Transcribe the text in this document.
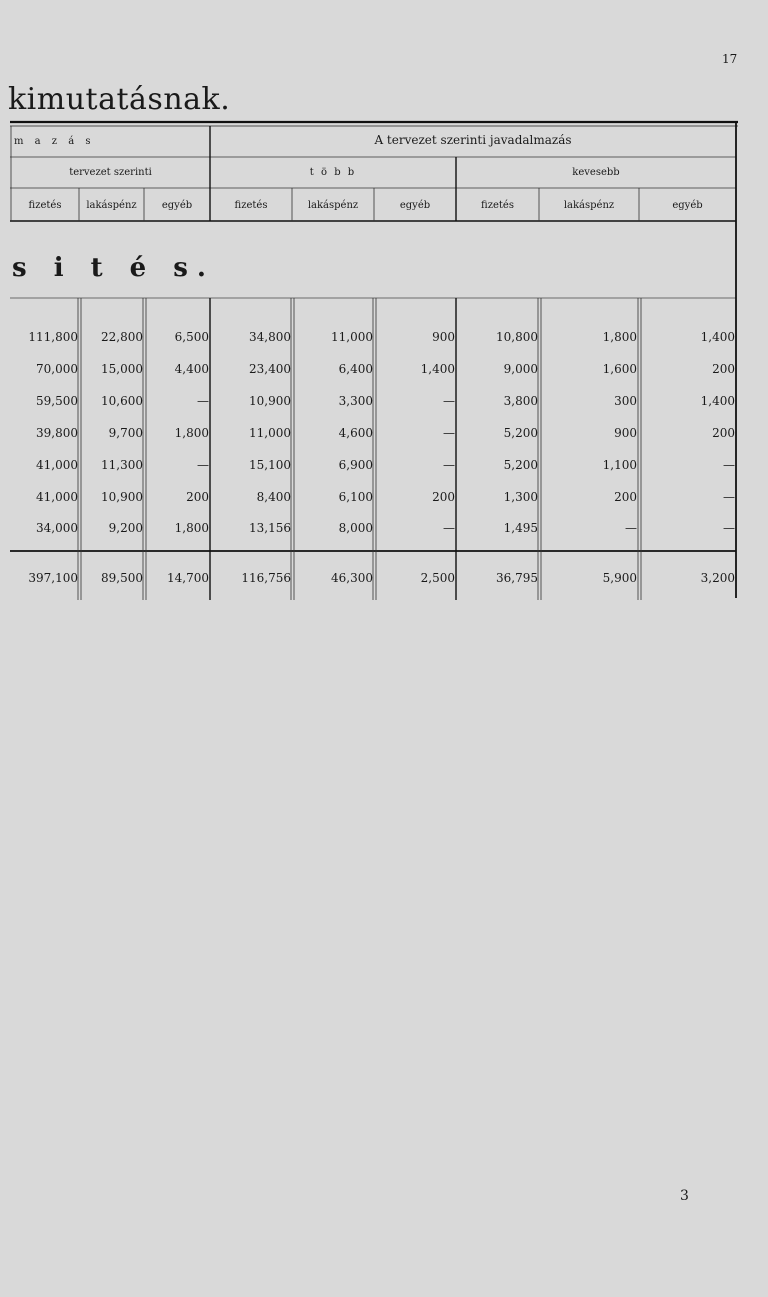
17
kimutatásnak.
m a z á s	A tervezet szerinti javadalmazás
tervezet szerinti	t ö b b	kevesebb
fizetés	lakáspénz	egyéb	fizetés	lakáspénz	egyéb	fizetés	lakáspénz	egyéb
s i t é s.
111,800 22,800	6,500	34,800	11,000	900	10,800	1,800	1,400
70,000 15,000	4,400	23,400	6,400	1,400	9,000	1,600	200
59,500 10,600	—	10,900	3,300	—	3,800	300	1,400
39,800	9,700	1,800	11,000	4,600	—	5,200	900	200
41,000 11,300	—	15,100	6,900	—	5,200	1,100	—
41,000 10,900	200	8,400	6,100	200	1,300	200	—
34,000	9,200	1,800	13,156	8,000	—	1,495	—	—
397,100 89,500 14,700	116,756	46,300	2,500	36,795	5,900	3,200
3
